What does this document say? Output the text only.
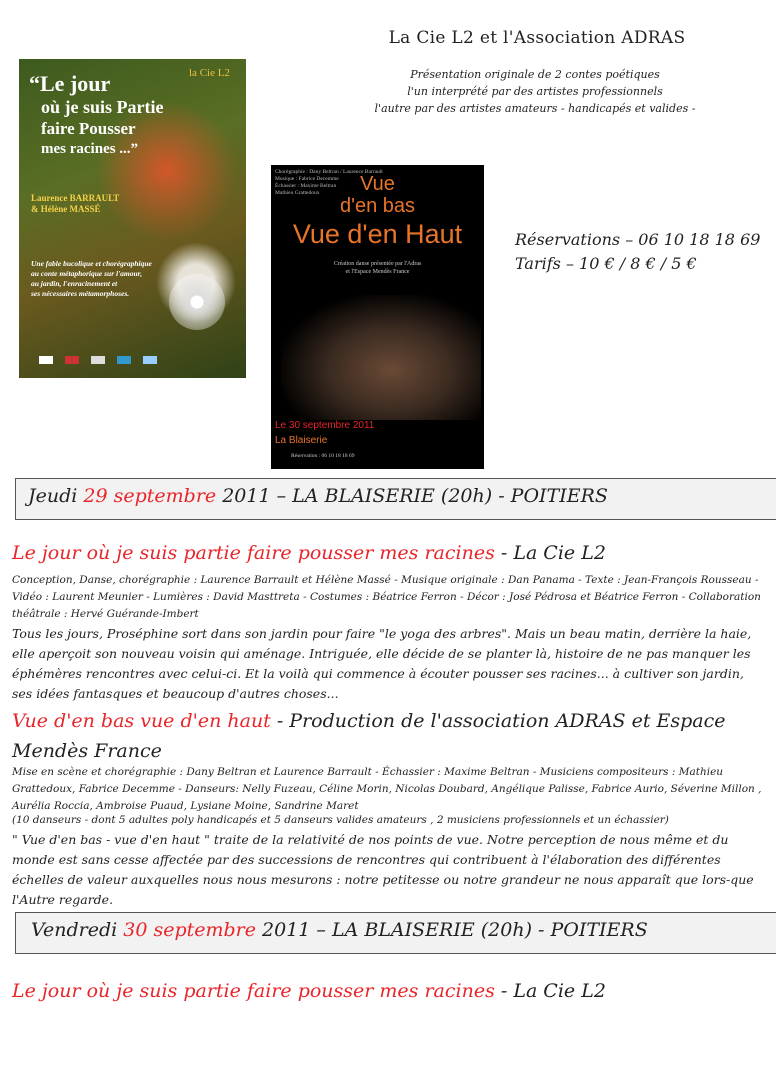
La Cie L2 et l'Association ADRAS
Présentation originale de 2 contes poétiques
l'un interprété par des artistes professionnels
l'autre par des artistes amateurs - handicapés et valides -
Réservations – 06 10 18 18 69
Tarifs – 10 € / 8 € / 5 €
la Cie L2
“Le jour
où je suis Partie
faire Pousser
mes racines ...”
Laurence BARRAULT
& Hélène MASSÉ
Une fable bucolique et chorégraphique
au conte métaphorique sur l'amour,
au jardin, l'enracinement et
ses nécessaires métamorphoses.
Chorégraphie : Dany Beltran / Laurence Barrault
Musique : Fabrice Decemme
Échassier : Maxime Beltran
Mathieu Grattedoux	Vue
d'en bas
Vue d'en Haut
Création danse présentée par l'Adras
et l'Espace Mendès France
Le 30 septembre 2011
La Blaiserie
Réservation : 06 10 18 18 69
Jeudi 29 septembre 2011 – LA BLAISERIE (20h) - POITIERS
Le jour où je suis partie faire pousser mes racines - La Cie L2
Conception, Danse, chorégraphie : Laurence Barrault et Hélène Massé - Musique originale : Dan Panama - Texte : Jean-François Rousseau - Vidéo : Laurent Meunier - Lumières : David Masttreta - Costumes : Béatrice Ferron - Décor : José Pédrosa et Béatrice Ferron - Collaboration théâtrale : Hervé Guérande-Imbert
Tous les jours, Proséphine sort dans son jardin pour faire "le yoga des arbres". Mais un beau matin, derrière la haie, elle aperçoit son nouveau voisin qui aménage. Intriguée, elle décide de se planter là, histoire de ne pas manquer les éphémères rencontres avec celui-ci. Et la voilà qui commence à écouter pousser ses racines... à cultiver son jardin, ses idées fantasques et beaucoup d'autres choses...
Vue d'en bas vue d'en haut - Production de l'association ADRAS et Espace Mendès France
Mise en scène et chorégraphie : Dany Beltran et Laurence Barrault - Échassier : Maxime Beltran - Musiciens compositeurs : Mathieu Grattedoux, Fabrice Decemme - Danseurs: Nelly Fuzeau, Céline Morin, Nicolas Doubard, Angélique Palisse, Fabrice Aurio, Séverine Millon , Aurélia Roccia, Ambroise Puaud, Lysiane Moine, Sandrine Maret
(10 danseurs - dont 5 adultes poly handicapés et 5 danseurs valides amateurs , 2 musiciens professionnels et un échassier)
" Vue d'en bas - vue d'en haut " traite de la relativité de nos points de vue. Notre perception de nous même et du monde est sans cesse affectée par des successions de rencontres qui contribuent à l'élaboration des différentes échelles de valeur auxquelles nous nous mesurons : notre petitesse ou notre grandeur ne nous apparaît que lors-que l'Autre regarde.
Vendredi 30 septembre 2011 – LA BLAISERIE (20h) - POITIERS
Le jour où je suis partie faire pousser mes racines - La Cie L2
